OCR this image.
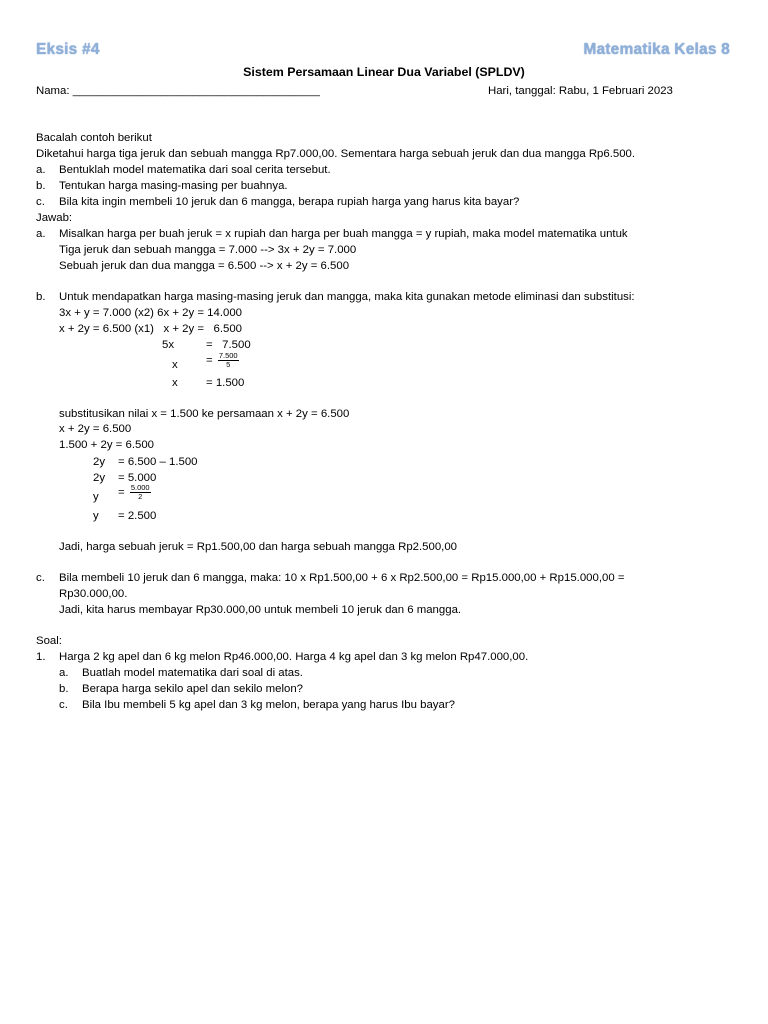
Eksis #4	Matematika Kelas 8
Sistem Persamaan Linear Dua Variabel (SPLDV)
Nama: _______________________________________	Hari, tanggal: Rabu, 1 Februari 2023
Bacalah contoh berikut
Diketahui harga tiga jeruk dan sebuah mangga Rp7.000,00. Sementara harga sebuah jeruk dan dua mangga Rp6.500.
a. Bentuklah model matematika dari soal cerita tersebut.
b. Tentukan harga masing-masing per buahnya.
c. Bila kita ingin membeli 10 jeruk dan 6 mangga, berapa rupiah harga yang harus kita bayar?
Jawab:
a. Misalkan harga per buah jeruk = x rupiah dan harga per buah mangga = y rupiah, maka model matematika untuk
Tiga jeruk dan sebuah mangga = 7.000 --> 3x + 2y = 7.000
Sebuah jeruk dan dua mangga = 6.500 --> x + 2y = 6.500
b. Untuk mendapatkan harga masing-masing jeruk dan mangga, maka kita gunakan metode eliminasi dan substitusi:
3x + y = 7.000 (x2) 6x + 2y = 14.000
x + 2y = 6.500 (x1)   x + 2y =   6.500
5x	=   7.500
$x = \frac{7.500}{5}$
x = 1.500
substitusikan nilai x = 1.500 ke persamaan x + 2y = 6.500
x + 2y = 6.500
1.500 + 2y = 6.500
2y = 6.500 – 1.500
2y = 5.000
$y = \frac{5.000}{2}$
y = 2.500
Jadi, harga sebuah jeruk = Rp1.500,00 dan harga sebuah mangga Rp2.500,00
c. Bila membeli 10 jeruk dan 6 mangga, maka: 10 x Rp1.500,00 + 6 x Rp2.500,00 = Rp15.000,00 + Rp15.000,00 =
Rp30.000,00.
Jadi, kita harus membayar Rp30.000,00 untuk membeli 10 jeruk dan 6 mangga.
Soal:
1. Harga 2 kg apel dan 6 kg melon Rp46.000,00. Harga 4 kg apel dan 3 kg melon Rp47.000,00.
a. Buatlah model matematika dari soal di atas.
b. Berapa harga sekilo apel dan sekilo melon?
c. Bila Ibu membeli 5 kg apel dan 3 kg melon, berapa yang harus Ibu bayar?
